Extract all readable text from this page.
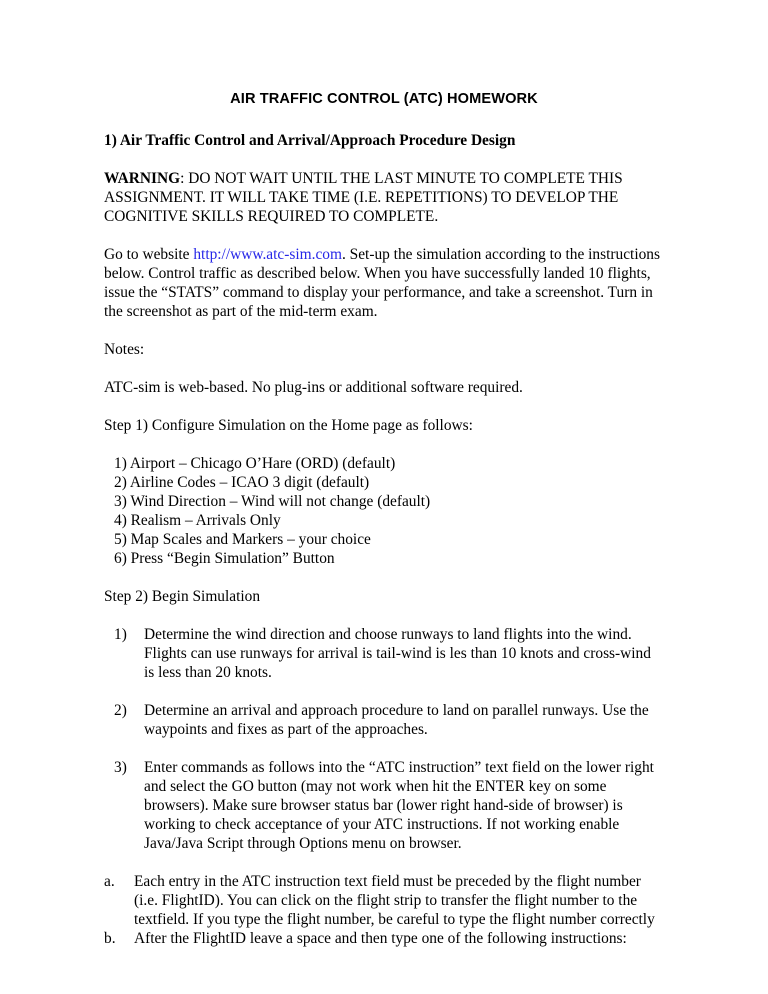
AIR TRAFFIC CONTROL (ATC) HOMEWORK

1) Air Traffic Control and Arrival/Approach Procedure Design

WARNING: DO NOT WAIT UNTIL THE LAST MINUTE TO COMPLETE THIS ASSIGNMENT. IT WILL TAKE TIME (I.E. REPETITIONS) TO DEVELOP THE COGNITIVE SKILLS REQUIRED TO COMPLETE.

Go to website http://www.atc-sim.com. Set-up the simulation according to the instructions below. Control traffic as described below. When you have successfully landed 10 flights, issue the “STATS” command to display your performance, and take a screenshot. Turn in the screenshot as part of the mid-term exam.

Notes:

ATC-sim is web-based. No plug-ins or additional software required.

Step 1) Configure Simulation on the Home page as follows:

1) Airport – Chicago O’Hare (ORD) (default)
2) Airline Codes – ICAO 3 digit (default)
3) Wind Direction – Wind will not change (default)
4) Realism – Arrivals Only
5) Map Scales and Markers – your choice
6) Press “Begin Simulation” Button

Step 2) Begin Simulation

1) Determine the wind direction and choose runways to land flights into the wind. Flights can use runways for arrival is tail-wind is les than 10 knots and cross-wind is less than 20 knots.
2) Determine an arrival and approach procedure to land on parallel runways. Use the waypoints and fixes as part of the approaches.
3) Enter commands as follows into the “ATC instruction” text field on the lower right and select the GO button (may not work when hit the ENTER key on some browsers). Make sure browser status bar (lower right hand-side of browser) is working to check acceptance of your ATC instructions. If not working enable Java/Java Script through Options menu on browser.
a. Each entry in the ATC instruction text field must be preceded by the flight number (i.e. FlightID). You can click on the flight strip to transfer the flight number to the textfield. If you type the flight number, be careful to type the flight number correctly
b. After the FlightID leave a space and then type one of the following instructions:
